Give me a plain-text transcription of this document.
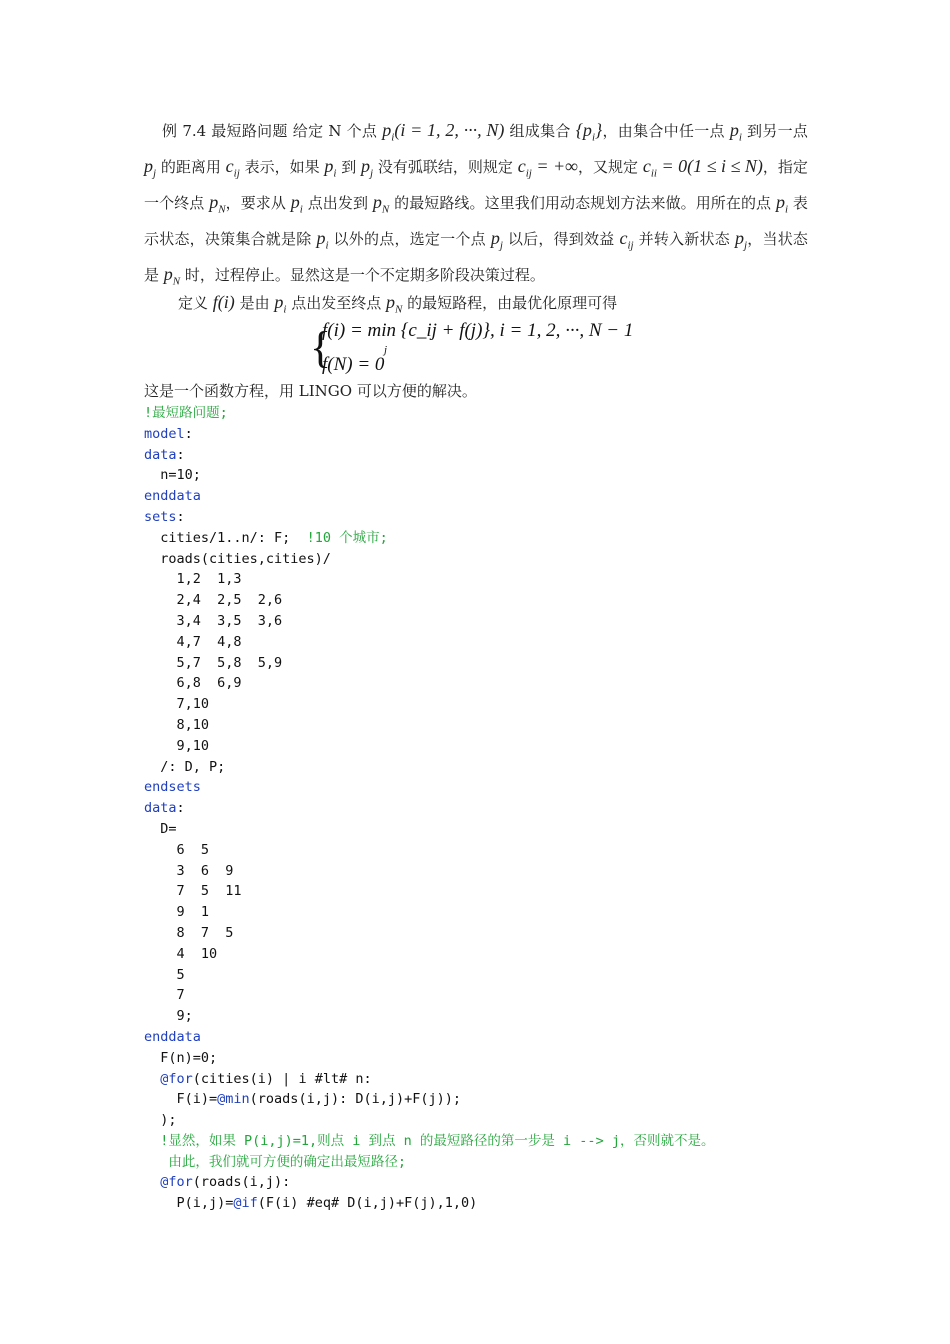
例 7.4 最短路问题 给定 N 个点 $p_i(i = 1$, 2, ···, N) 组成集合 $\{p_i\}$，由集合中任一点 $p_i$ 到另一点 $p_j$ 的距离用 $c_{ij}$ 表示，如果 $p_i$ 到 $p_j$ 没有弧联结，则规定 $c_{ij}$ = +∞，又规定 $c_{ii} = 0(1 \le i \le N)$，指定一个终点 $p_N$，要求从 $p_i$ 点出发到 $p_N$ 的最短路线。这里我们用动态规划方法来做。用所在的点 $p_i$ 表示状态，决策集合就是除 $p_i$ 以外的点，选定一个点 $p_j$ 以后，得到效益 $c_{ij}$ 并转入新状态 $p_j$，当状态是 $p_N$ 时，过程停止。显然这是一个不定期多阶段决策过程。
定义 f(i) 是由 $p_i$ 点出发至终点 $p_N$ 的最短路程，由最优化原理可得
{
f(i) = min {c_ij + f(j)}, i = 1, 2, ···, N − 1
j
f(N) = 0
这是一个函数方程，用 LINGO 可以方便的解决。
!最短路问题;
model:
data:
n=10;
enddata
sets:
cities/1..n/: F;  !10 个城市;
roads(cities,cities)/
1,2  1,3
2,4  2,5  2,6
3,4  3,5  3,6
4,7  4,8
5,7  5,8  5,9
6,8  6,9
7,10
8,10
9,10
/: D, P;
endsets
data:
D=
6  5
3  6  9
7  5  11
9  1
8  7  5
4  10
5
7
9;
enddata
F(n)=0;
@for(cities(i) | i #lt# n:
F(i)=@min(roads(i,j): D(i,j)+F(j));
);
!显然，如果 P(i,j)=1,则点 i 到点 n 的最短路径的第一步是 i --> j，否则就不是。
由此，我们就可方便的确定出最短路径;
@for(roads(i,j):
P(i,j)=@if(F(i) #eq# D(i,j)+F(j),1,0)
